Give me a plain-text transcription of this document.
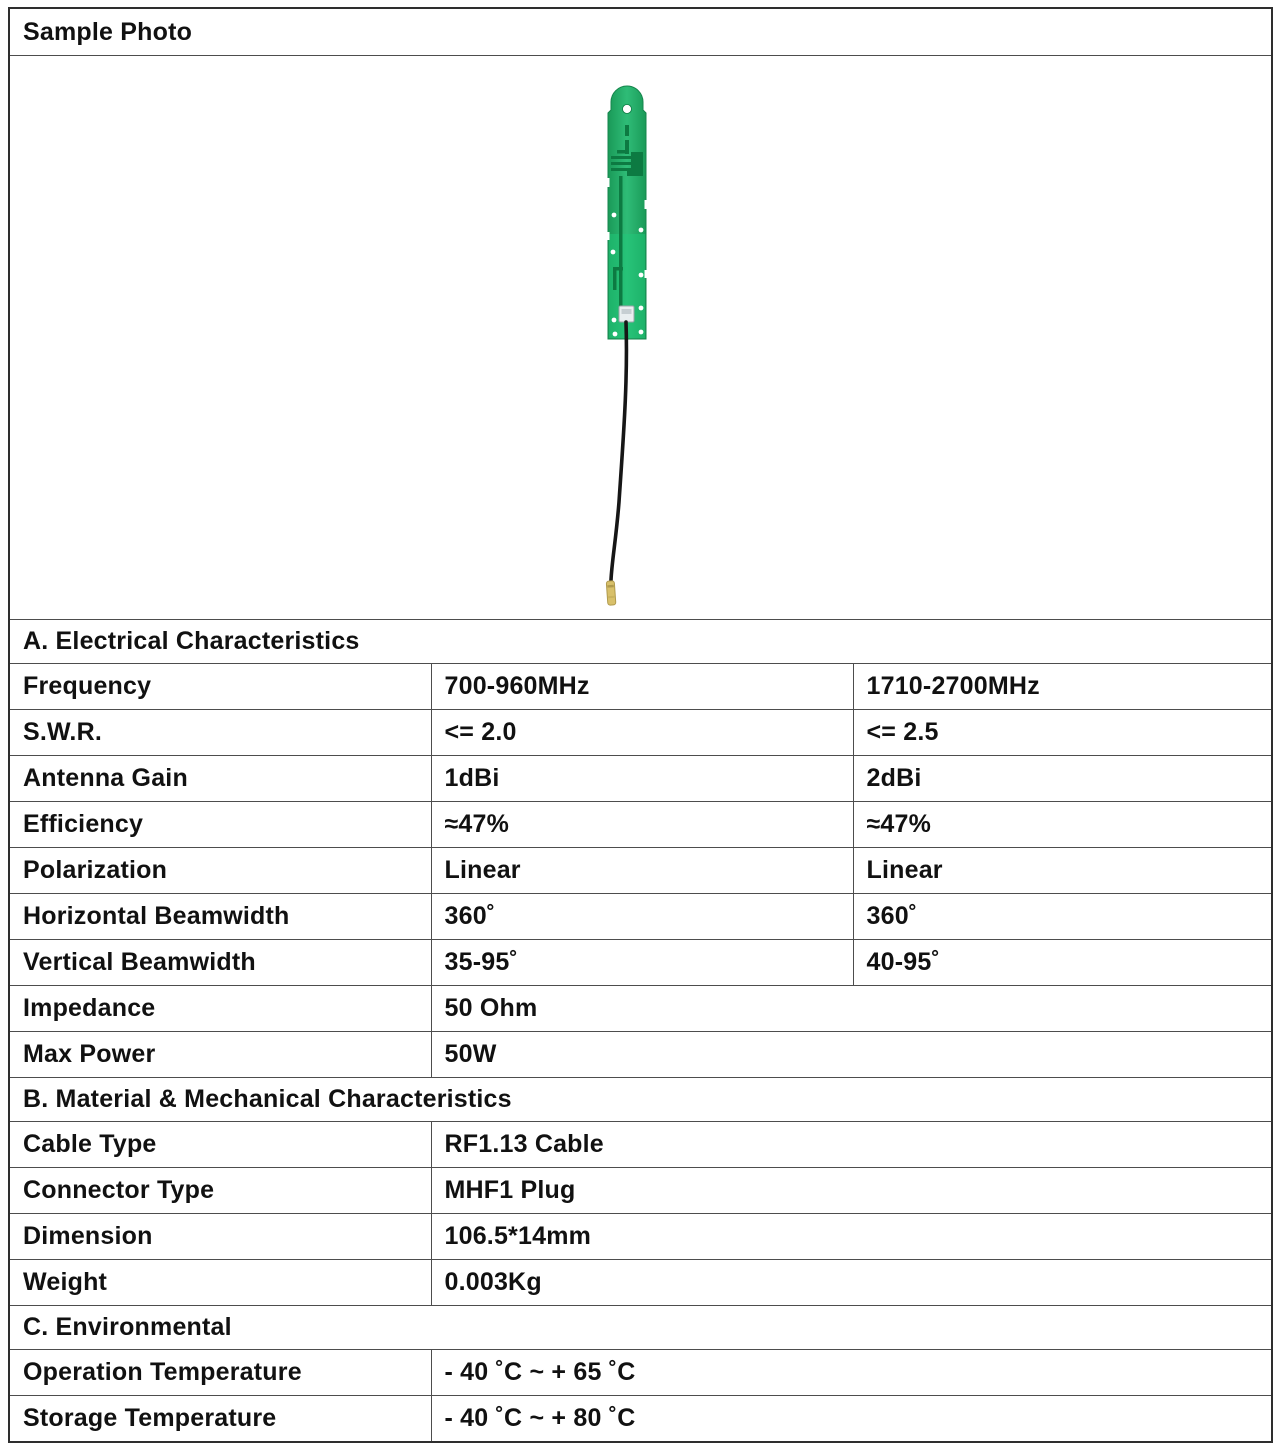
Sample Photo		

A. Electrical Characteristics		
Frequency	700-960MHz	1710-2700MHz
S.W.R.	<= 2.0	<= 2.5
Antenna Gain	1dBi	2dBi
Efficiency	≈47%	≈47%
Polarization	Linear	Linear
Horizontal Beamwidth	360˚	360˚
Vertical Beamwidth	35-95˚	40-95˚
Impedance	50 Ohm	
Max Power	50W	
B. Material & Mechanical Characteristics		
Cable Type	RF1.13 Cable	
Connector Type	MHF1 Plug	
Dimension	106.5*14mm	
Weight	0.003Kg	
C. Environmental		
Operation Temperature	- 40 ˚C ~ + 65 ˚C	
Storage Temperature	- 40 ˚C ~ + 80 ˚C	
